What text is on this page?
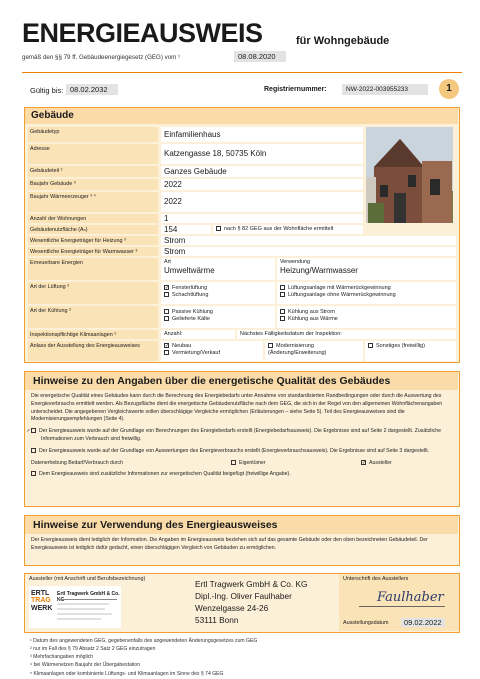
ENERGIEAUSWEIS	für Wohngebäude
gemäß den §§ 79 ff. Gebäudeenergiegesetz (GEG) vom ¹	08.08.2020
Gültig bis: 08.02.2032	Registriernummer:	NW-2022-003955233	1
Gebäude
Gebäudetyp	Einfamilienhaus
Adresse	Katzengasse 18, 50735 Köln
Gebäudeteil ²	Ganzes Gebäude
Baujahr Gebäude ³	2022
Baujahr Wärmeerzeuger ³ ⁴	2022
Anzahl der Wohnungen	1
Gebäudenutzfläche (Aₙ)	154	nach § 82 GEG aus der Wohnfläche ermittelt
Wesentliche Energieträger für Heizung ³	Strom
Wesentliche Energieträger für Warmwasser ³	Strom
Erneuerbare Energien	Art
Umweltwärme
Verwendung
Heizung/Warmwasser
Art der Lüftung ³	✓ Fensterlüftung
Schachtlüftung
Lüftungsanlage mit Wärmerückgewinnung
Lüftungsanlage ohne Wärmerückgewinnung
Art der Kühlung ³	Passive Kühlung
Gelieferte Kälte
Kühlung aus Strom
Kühlung aus Wärme
Inspektionspflichtige Klimaanlagen ⁵	Anzahl:	Nächstes Fälligkeitsdatum der Inspektion:
Anlass der Ausstellung des Energieausweises	✓ Neubau
Vermietung/Verkauf
Modernisierung (Änderung/Erweiterung)
Sonstiges (freiwillig)
Hinweise zu den Angaben über die energetische Qualität des Gebäudes

Die energetische Qualität eines Gebäudes kann durch die Berechnung des Energiebedarfs unter Annahme von standardisierten Randbedingungen oder durch die Auswertung des Energieverbrauchs ermittelt werden. Als Bezugsfläche dient die energetische Gebäudenutzfläche nach dem GEG, die sich in der Regel von den allgemeinen Wohnflächenangaben unterscheidet. Die angegebenen Vergleichswerte sollen überschlägige Vergleiche ermöglichen (Erläuterungen – siehe Seite 5). Teil des Energieausweises sind die Modernisierungsempfehlungen (Seite 4).

✓ Der Energieausweis wurde auf der Grundlage von Berechnungen des Energiebedarfs erstellt (Energiebedarfsausweis). Die Ergebnisse sind auf Seite 2 dargestellt. Zusätzliche Informationen zum Verbrauch sind freiwillig.

Der Energieausweis wurde auf der Grundlage von Auswertungen des Energieverbrauchs erstellt (Energieverbrauchsausweis). Die Ergebnisse sind auf Seite 3 dargestellt.

Datenerhebung Bedarf/Verbrauch durch	Eigentümer	✓ Aussteller

Dem Energieausweis sind zusätzliche Informationen zur energetischen Qualität beigefügt (freiwillige Angabe).

Hinweise zur Verwendung des Energieausweises
Der Energieausweis dient lediglich der Information. Die Angaben im Energieausweis beziehen sich auf das gesamte Gebäude oder den oben bezeichneten Gebäudeteil. Der Energieausweis ist lediglich dafür gedacht, einen überschlägigen Vergleich von Gebäuden zu ermöglichen.
Aussteller (mit Anschrift und Berufsbezeichnung)
ERTL
TRAG
WERK
Ertl Tragwerk GmbH & Co. KG
Ertl Tragwerk GmbH & Co. KG
Dipl.-Ing. Oliver Faulhaber
Wenzelgasse 24-26
53111 Bonn
Unterschrift des Ausstellers
Faulhaber
Ausstellungsdatum	09.02.2022
¹ Datum des angewendeten GEG, gegebenenfalls des angewendeten Änderungsgesetzes zum GEG
² nur im Fall des § 79 Absatz 2 Satz 2 GEG einzutragen
³ Mehrfachangaben möglich
⁴ bei Wärmenetzen Baujahr der Übergabestation
⁵ Klimaanlagen oder kombinierte Lüftungs- und Klimaanlagen im Sinne des § 74 GEG
